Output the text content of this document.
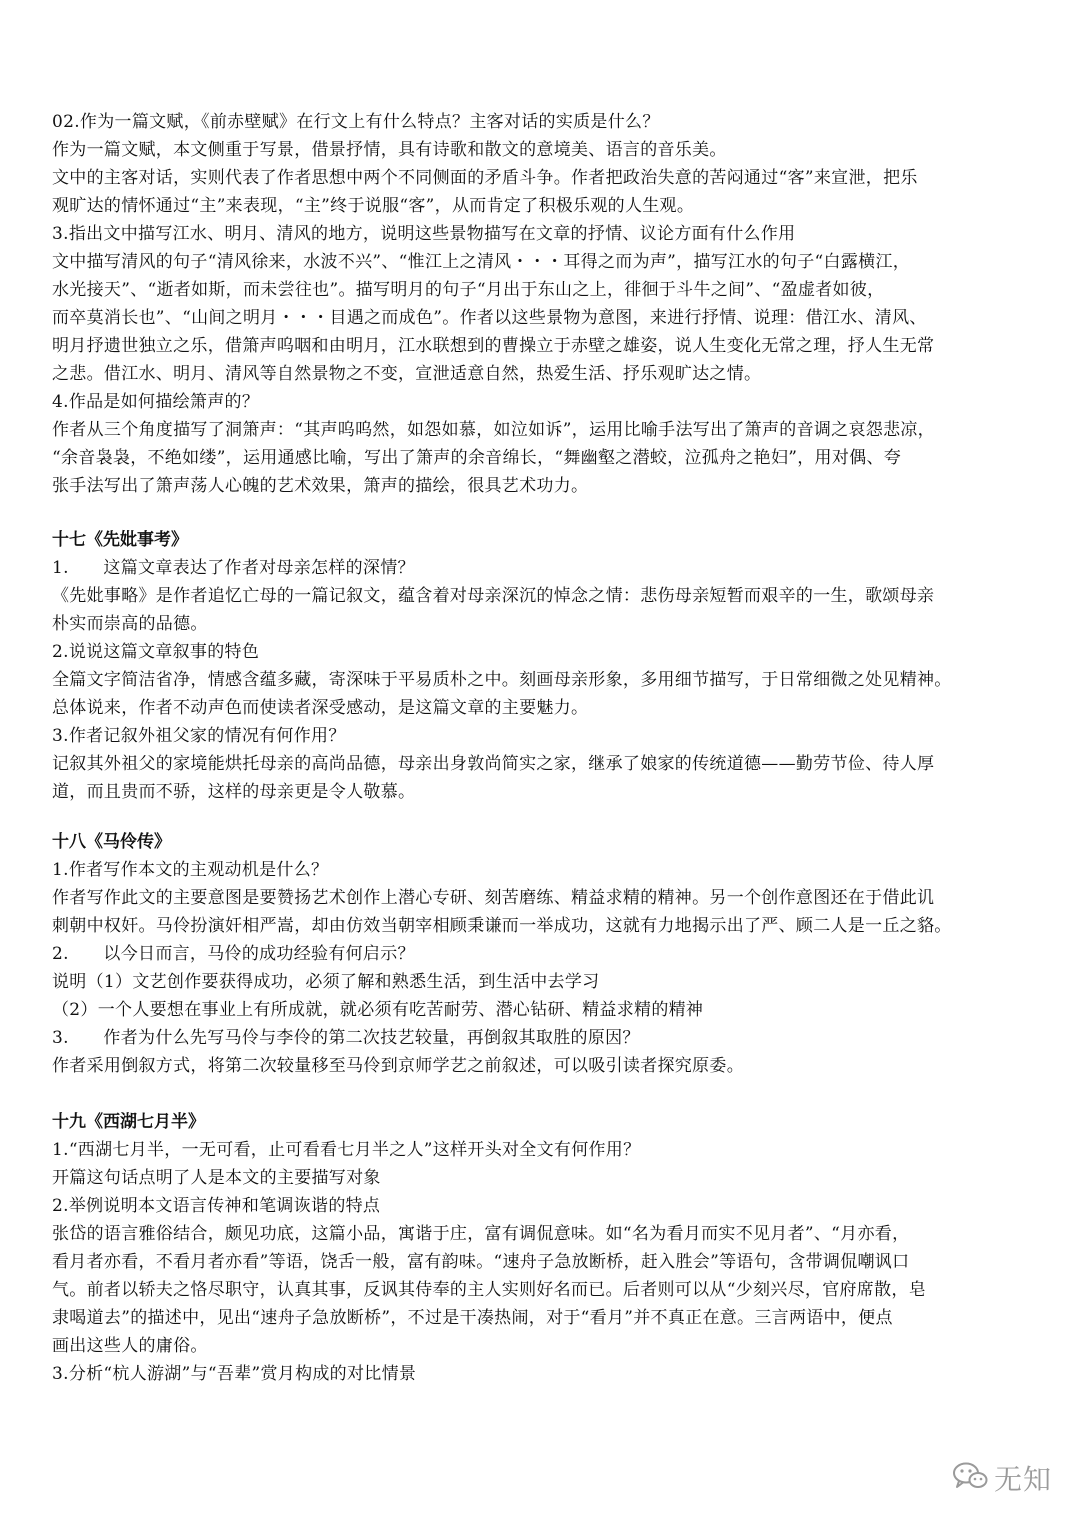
02.作为一篇文赋，《前赤壁赋》在行文上有什么特点？主客对话的实质是什么？
作为一篇文赋，本文侧重于写景，借景抒情，具有诗歌和散文的意境美、语言的音乐美。
文中的主客对话，实则代表了作者思想中两个不同侧面的矛盾斗争。作者把政治失意的苦闷通过“客”来宣泄，把乐
观旷达的情怀通过“主”来表现，“主”终于说服“客”，从而肯定了积极乐观的人生观。
3.指出文中描写江水、明月、清风的地方，说明这些景物描写在文章的抒情、议论方面有什么作用
文中描写清风的句子“清风徐来，水波不兴”、“惟江上之清风・・・耳得之而为声”，描写江水的句子“白露横江，
水光接天”、“逝者如斯，而未尝往也”。描写明月的句子“月出于东山之上，徘徊于斗牛之间”、“盈虚者如彼，
而卒莫消长也”、“山间之明月・・・目遇之而成色”。作者以这些景物为意图，来进行抒情、说理：借江水、清风、
明月抒遗世独立之乐，借箫声呜咽和由明月，江水联想到的曹操立于赤壁之雄姿，说人生变化无常之理，抒人生无常
之悲。借江水、明月、清风等自然景物之不变，宣泄适意自然，热爱生活、抒乐观旷达之情。
4.作品是如何描绘箫声的？
作者从三个角度描写了洞箫声：“其声呜呜然，如怨如慕，如泣如诉”，运用比喻手法写出了箫声的音调之哀怨悲凉，
“余音袅袅，不绝如缕”，运用通感比喻，写出了箫声的余音绵长，“舞幽壑之潜蛟，泣孤舟之艳妇”，用对偶、夸
张手法写出了箫声荡人心魄的艺术效果，箫声的描绘，很具艺术功力。
十七《先妣事考》
1.　　这篇文章表达了作者对母亲怎样的深情？
《先妣事略》是作者追忆亡母的一篇记叙文，蕴含着对母亲深沉的悼念之情：悲伤母亲短暂而艰辛的一生，歌颂母亲
朴实而崇高的品德。
2.说说这篇文章叙事的特色
全篇文字简洁省净，情感含蕴多藏，寄深味于平易质朴之中。刻画母亲形象，多用细节描写，于日常细微之处见精神。
总体说来，作者不动声色而使读者深受感动，是这篇文章的主要魅力。
3.作者记叙外祖父家的情况有何作用？
记叙其外祖父的家境能烘托母亲的高尚品德，母亲出身敦尚简实之家，继承了娘家的传统道德——勤劳节俭、待人厚
道，而且贵而不骄，这样的母亲更是令人敬慕。
十八《马伶传》
1.作者写作本文的主观动机是什么？
作者写作此文的主要意图是要赞扬艺术创作上潜心专研、刻苦磨练、精益求精的精神。另一个创作意图还在于借此讥
刺朝中权奸。马伶扮演奸相严嵩，却由仿效当朝宰相顾秉谦而一举成功，这就有力地揭示出了严、顾二人是一丘之貉。
2.　　以今日而言，马伶的成功经验有何启示？
说明（1）文艺创作要获得成功，必须了解和熟悉生活，到生活中去学习
（2）一个人要想在事业上有所成就，就必须有吃苦耐劳、潜心钻研、精益求精的精神
3.　　作者为什么先写马伶与李伶的第二次技艺较量，再倒叙其取胜的原因？
作者采用倒叙方式，将第二次较量移至马伶到京师学艺之前叙述，可以吸引读者探究原委。
十九《西湖七月半》
1.“西湖七月半，一无可看，止可看看七月半之人”这样开头对全文有何作用？
开篇这句话点明了人是本文的主要描写对象
2.举例说明本文语言传神和笔调诙谐的特点
张岱的语言雅俗结合，颇见功底，这篇小品，寓谐于庄，富有调侃意味。如“名为看月而实不见月者”、“月亦看，
看月者亦看，不看月者亦看”等语，饶舌一般，富有韵味。“速舟子急放断桥，赶入胜会”等语句，含带调侃嘲讽口
气。前者以轿夫之恪尽职守，认真其事，反讽其侍奉的主人实则好名而已。后者则可以从“少刻兴尽，官府席散，皂
隶喝道去”的描述中，见出“速舟子急放断桥”，不过是干凑热闹，对于“看月”并不真正在意。三言两语中，便点
画出这些人的庸俗。
3.分析“杭人游湖”与“吾辈”赏月构成的对比情景
无知
